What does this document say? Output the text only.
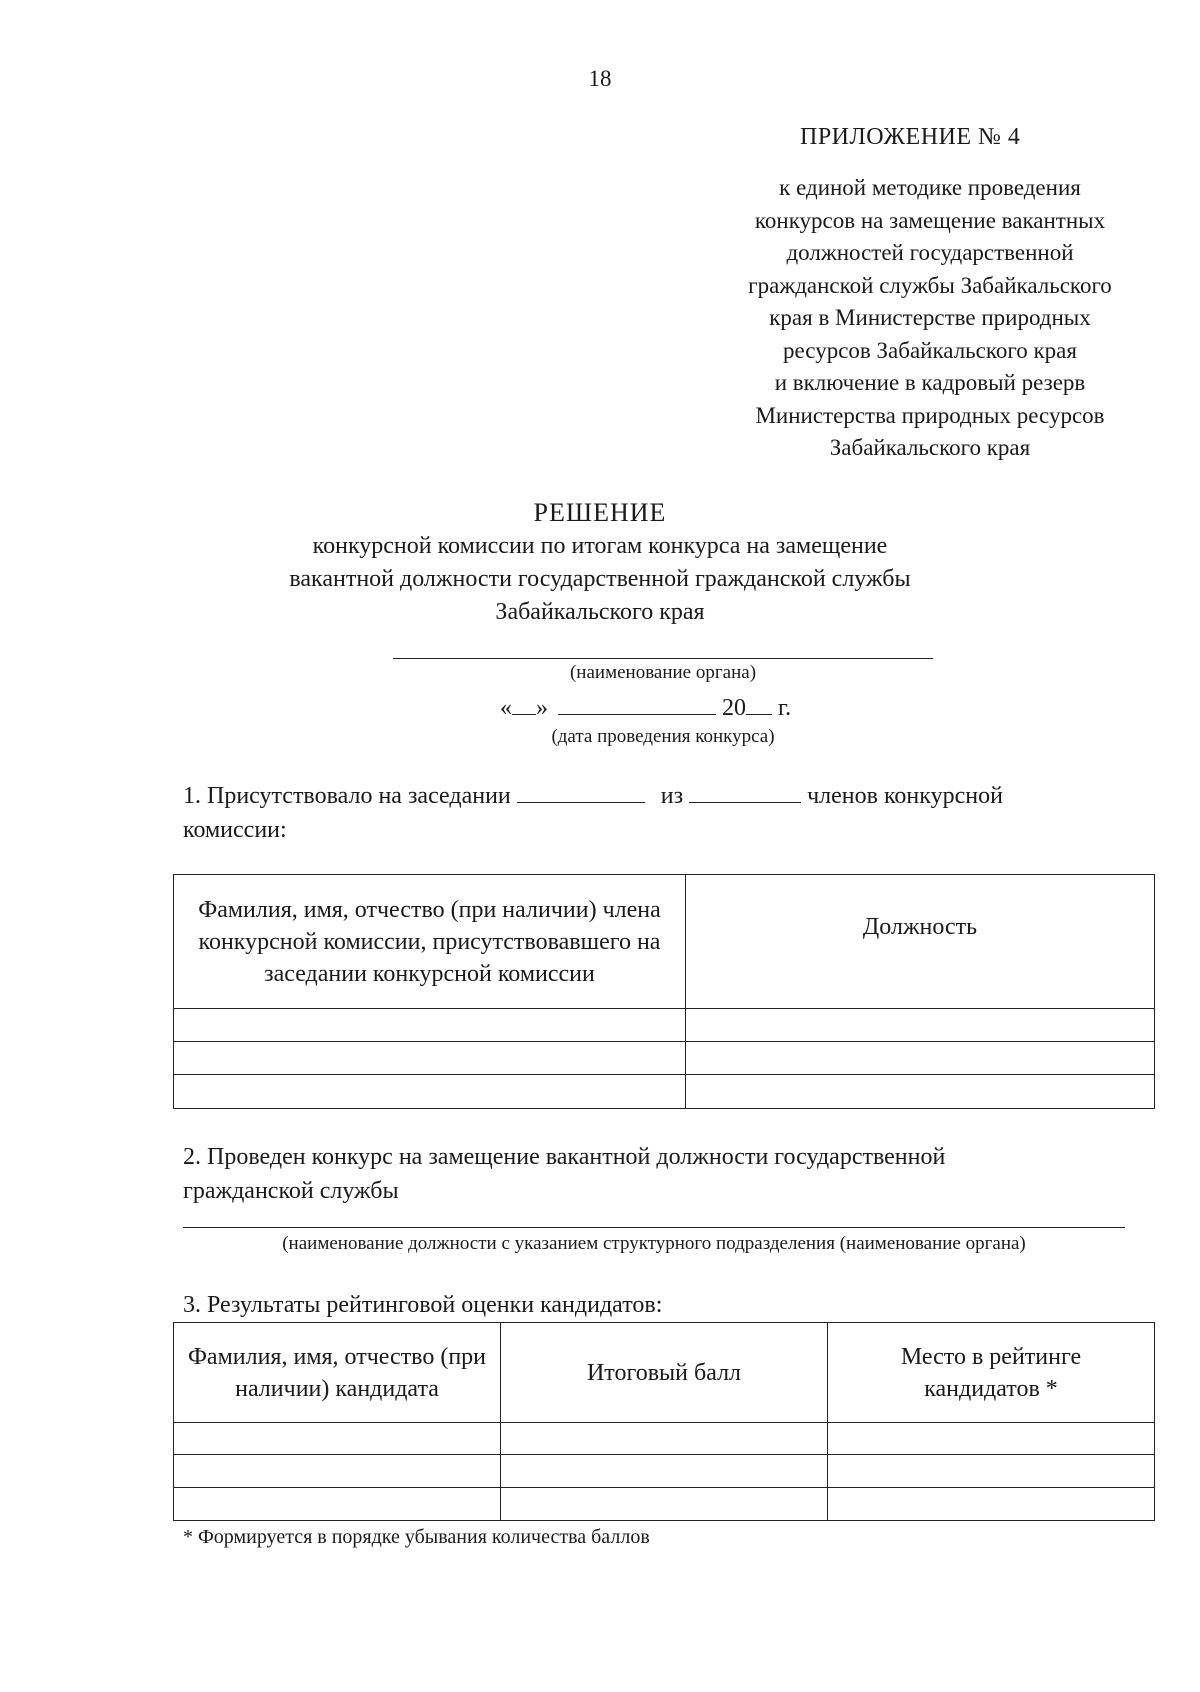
18
ПРИЛОЖЕНИЕ № 4
к единой методике проведения
конкурсов на замещение вакантных
должностей государственной
гражданской службы Забайкальского
края в Министерстве природных
ресурсов Забайкальского края
и включение в кадровый резерв
Министерства природных ресурсов
Забайкальского края
РЕШЕНИЕ
конкурсной комиссии по итогам конкурса на замещение
вакантной должности государственной гражданской службы
Забайкальского края
(наименование органа)
« »	20 г.
(дата проведения конкурса)
1. Присутствовало на заседании	из	членов конкурсной
комиссии:
Фамилия, имя, отчество (при наличии) члена конкурсной комиссии, присутствовавшего на заседании конкурсной комиссии	Должность

2. Проведен конкурс на замещение вакантной должности государственной
гражданской службы
(наименование должности с указанием структурного подразделения (наименование органа)
3. Результаты рейтинговой оценки кандидатов:
Фамилия, имя, отчество (при наличии) кандидата	Итоговый балл	Место в рейтинге кандидатов *

* Формируется в порядке убывания количества баллов
